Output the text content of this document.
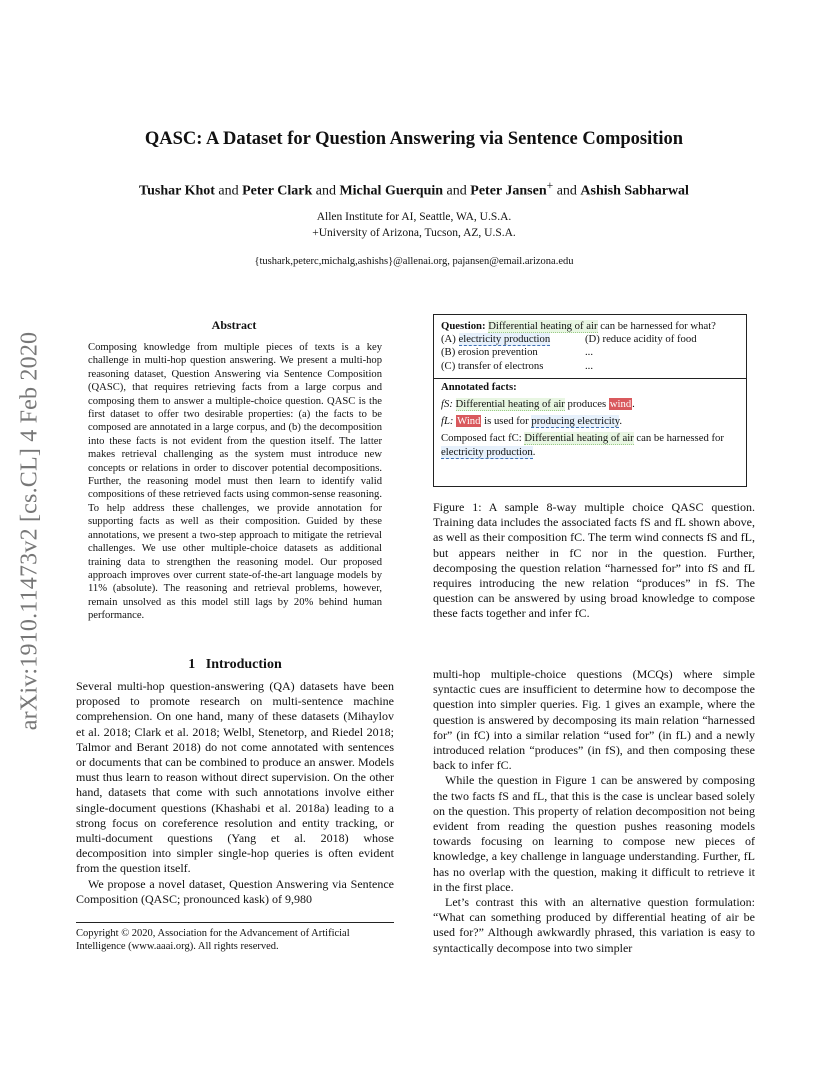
arXiv:1910.11473v2 [cs.CL] 4 Feb 2020
QASC: A Dataset for Question Answering via Sentence Composition
Tushar Khot and Peter Clark and Michal Guerquin and Peter Jansen+ and Ashish Sabharwal
Allen Institute for AI, Seattle, WA, U.S.A.
+University of Arizona, Tucson, AZ, U.S.A.
{tushark,peterc,michalg,ashishs}@allenai.org, pajansen@email.arizona.edu
Abstract

Composing knowledge from multiple pieces of texts is a key challenge in multi-hop question answering. We present a multi-hop reasoning dataset, Question Answering via Sentence Composition (QASC), that requires retrieving facts from a large corpus and composing them to answer a multiple-choice question. QASC is the first dataset to offer two desirable properties: (a) the facts to be composed are annotated in a large corpus, and (b) the decomposition into these facts is not evident from the question itself. The latter makes retrieval challenging as the system must introduce new concepts or relations in order to discover potential decompositions. Further, the reasoning model must then learn to identify valid compositions of these retrieved facts using common-sense reasoning. To help address these challenges, we provide annotation for supporting facts as well as their composition. Guided by these annotations, we present a two-step approach to mitigate the retrieval challenges. We use other multiple-choice datasets as additional training data to strengthen the reasoning model. Our proposed approach improves over current state-of-the-art language models by 11% (absolute). The reasoning and retrieval problems, however, remain unsolved as this model still lags by 20% behind human performance.

1 Introduction

Several multi-hop question-answering (QA) datasets have been proposed to promote research on multi-sentence machine comprehension. On one hand, many of these datasets (Mihaylov et al. 2018; Clark et al. 2018; Welbl, Stenetorp, and Riedel 2018; Talmor and Berant 2018) do not come annotated with sentences or documents that can be combined to produce an answer. Models must thus learn to reason without direct supervision. On the other hand, datasets that come with such annotations involve either single-document questions (Khashabi et al. 2018a) leading to a strong focus on coreference resolution and entity tracking, or multi-document questions (Yang et al. 2018) whose decomposition into simpler single-hop queries is often evident from the question itself.

We propose a novel dataset, Question Answering via Sentence Composition (QASC; pronounced kask) of 9,980

Copyright © 2020, Association for the Advancement of Artificial Intelligence (www.aaai.org). All rights reserved.
Question: Differential heating of air can be harnessed for what?
(A) electricity production	(D) reduce acidity of food
(B) erosion prevention	...
(C) transfer of electrons	...
Annotated facts:
fS: Differential heating of air produces wind.
fL: Wind is used for producing electricity.
Composed fact fC: Differential heating of air can be harnessed for electricity production.

Figure 1: A sample 8-way multiple choice QASC question. Training data includes the associated facts fS and fL shown above, as well as their composition fC. The term wind connects fS and fL, but appears neither in fC nor in the question. Further, decomposing the question relation “harnessed for” into fS and fL requires introducing the new relation “produces” in fS. The question can be answered by using broad knowledge to compose these facts together and infer fC.

multi-hop multiple-choice questions (MCQs) where simple syntactic cues are insufficient to determine how to decompose the question into simpler queries. Fig. 1 gives an example, where the question is answered by decomposing its main relation “harnessed for” (in fC) into a similar relation “used for” (in fL) and a newly introduced relation “produces” (in fS), and then composing these back to infer fC.

While the question in Figure 1 can be answered by composing the two facts fS and fL, that this is the case is unclear based solely on the question. This property of relation decomposition not being evident from reading the question pushes reasoning models towards focusing on learning to compose new pieces of knowledge, a key challenge in language understanding. Further, fL has no overlap with the question, making it difficult to retrieve it in the first place.

Let’s contrast this with an alternative question formulation: “What can something produced by differential heating of air be used for?” Although awkwardly phrased, this variation is easy to syntactically decompose into two simpler
